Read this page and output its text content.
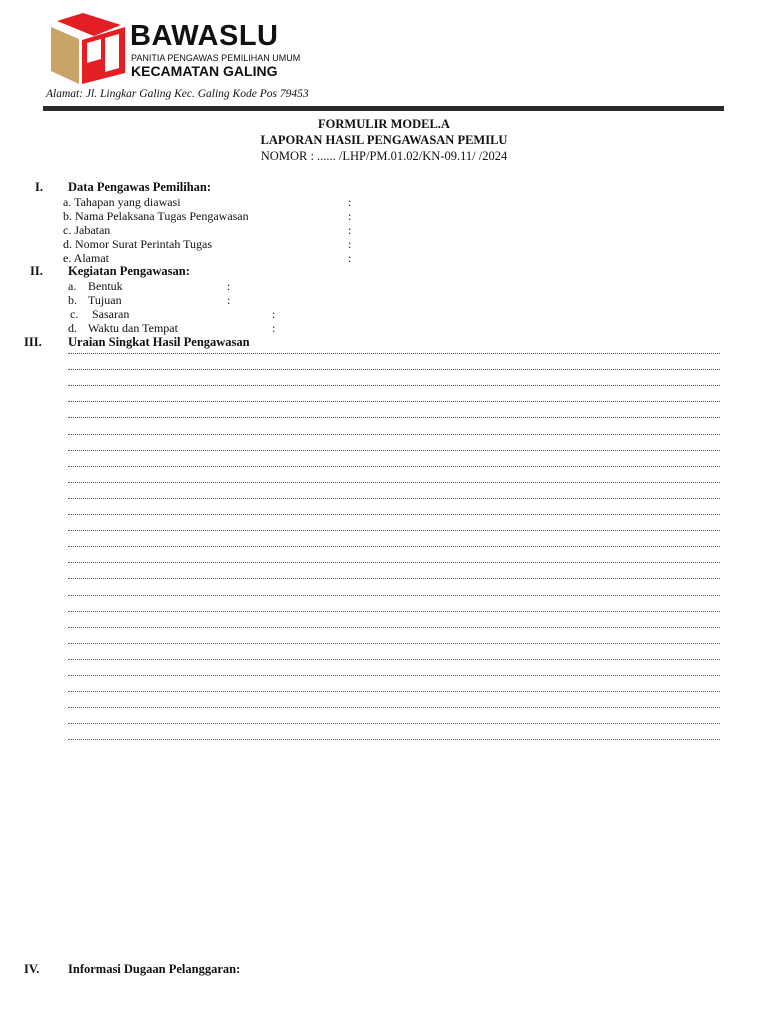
BAWASLU
PANITIA PENGAWAS PEMILIHAN UMUM
KECAMATAN GALING
Alamat: Jl. Lingkar Galing Kec. Galing Kode Pos 79453
FORMULIR MODEL.A
LAPORAN HASIL PENGAWASAN PEMILU
NOMOR : ...... /LHP/PM.01.02/KN-09.11/ /2024
I. Data Pengawas Pemilihan:
a. Tahapan yang diawasi	:
b. Nama Pelaksana Tugas Pengawasan	:
c. Jabatan	:
d. Nomor Surat Perintah Tugas	:
e. Alamat	:
II. Kegiatan Pengawasan:
a. Bentuk	:
b. Tujuan	:
c. Sasaran	:
d. Waktu dan Tempat	:
III. Uraian Singkat Hasil Pengawasan
IV. Informasi Dugaan Pelanggaran:
